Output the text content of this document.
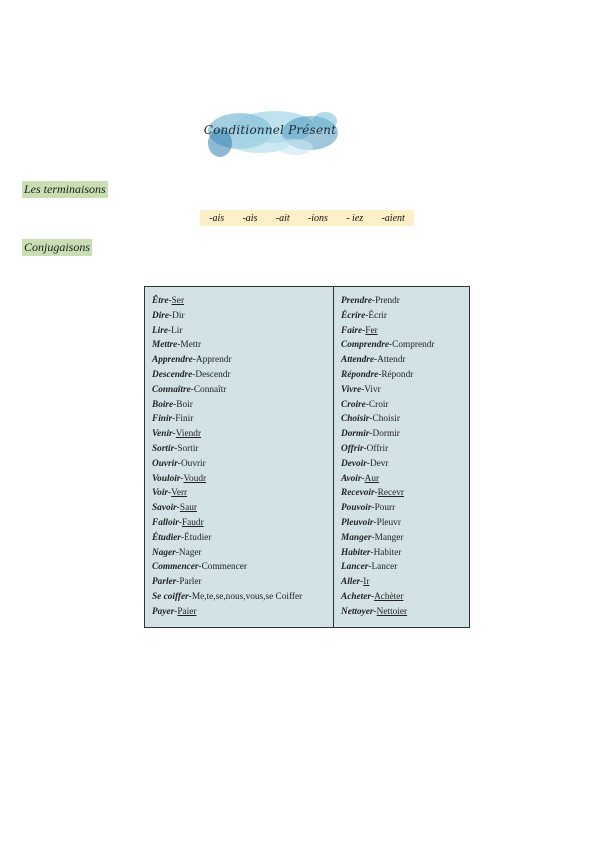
Conditionnel Présent
Les terminaisons
-ais -ais -ait -ions - iez -aient
Conjugaisons
Être-Ser
Dire-Dir
Lire-Lir
Mettre-Mettr
Apprendre-Apprendr
Descendre-Descendr
Connaître-Connaîtr
Boire-Boir
Finir-Finir
Venir-Viendr
Sortir-Sortir
Ouvrir-Ouvrir
Vouloir-Voudr
Voir-Verr
Savoir-Saur
Falloir-Faudr
Étudier-Étudier
Nager-Nager
Commencer-Commencer
Parler-Parler
Se coiffer-Me,te,se,nous,vous,se Coiffer
Payer-Paier
Prendre-Prendr
Écrire-Écrir
Faire-Fer
Comprendre-Comprendr
Attendre-Attendr
Répondre-Répondr
Vivre-Vivr
Croire-Croir
Choisir-Choisir
Dormir-Dormir
Offrir-Offrir
Devoir-Devr
Avoir-Aur
Recevoir-Recevr
Pouvoir-Pourr
Pleuvoir-Pleuvr
Manger-Manger
Habiter-Habiter
Lancer-Lancer
Aller-Ir
Acheter-Achèter
Nettoyer-Nettoier
